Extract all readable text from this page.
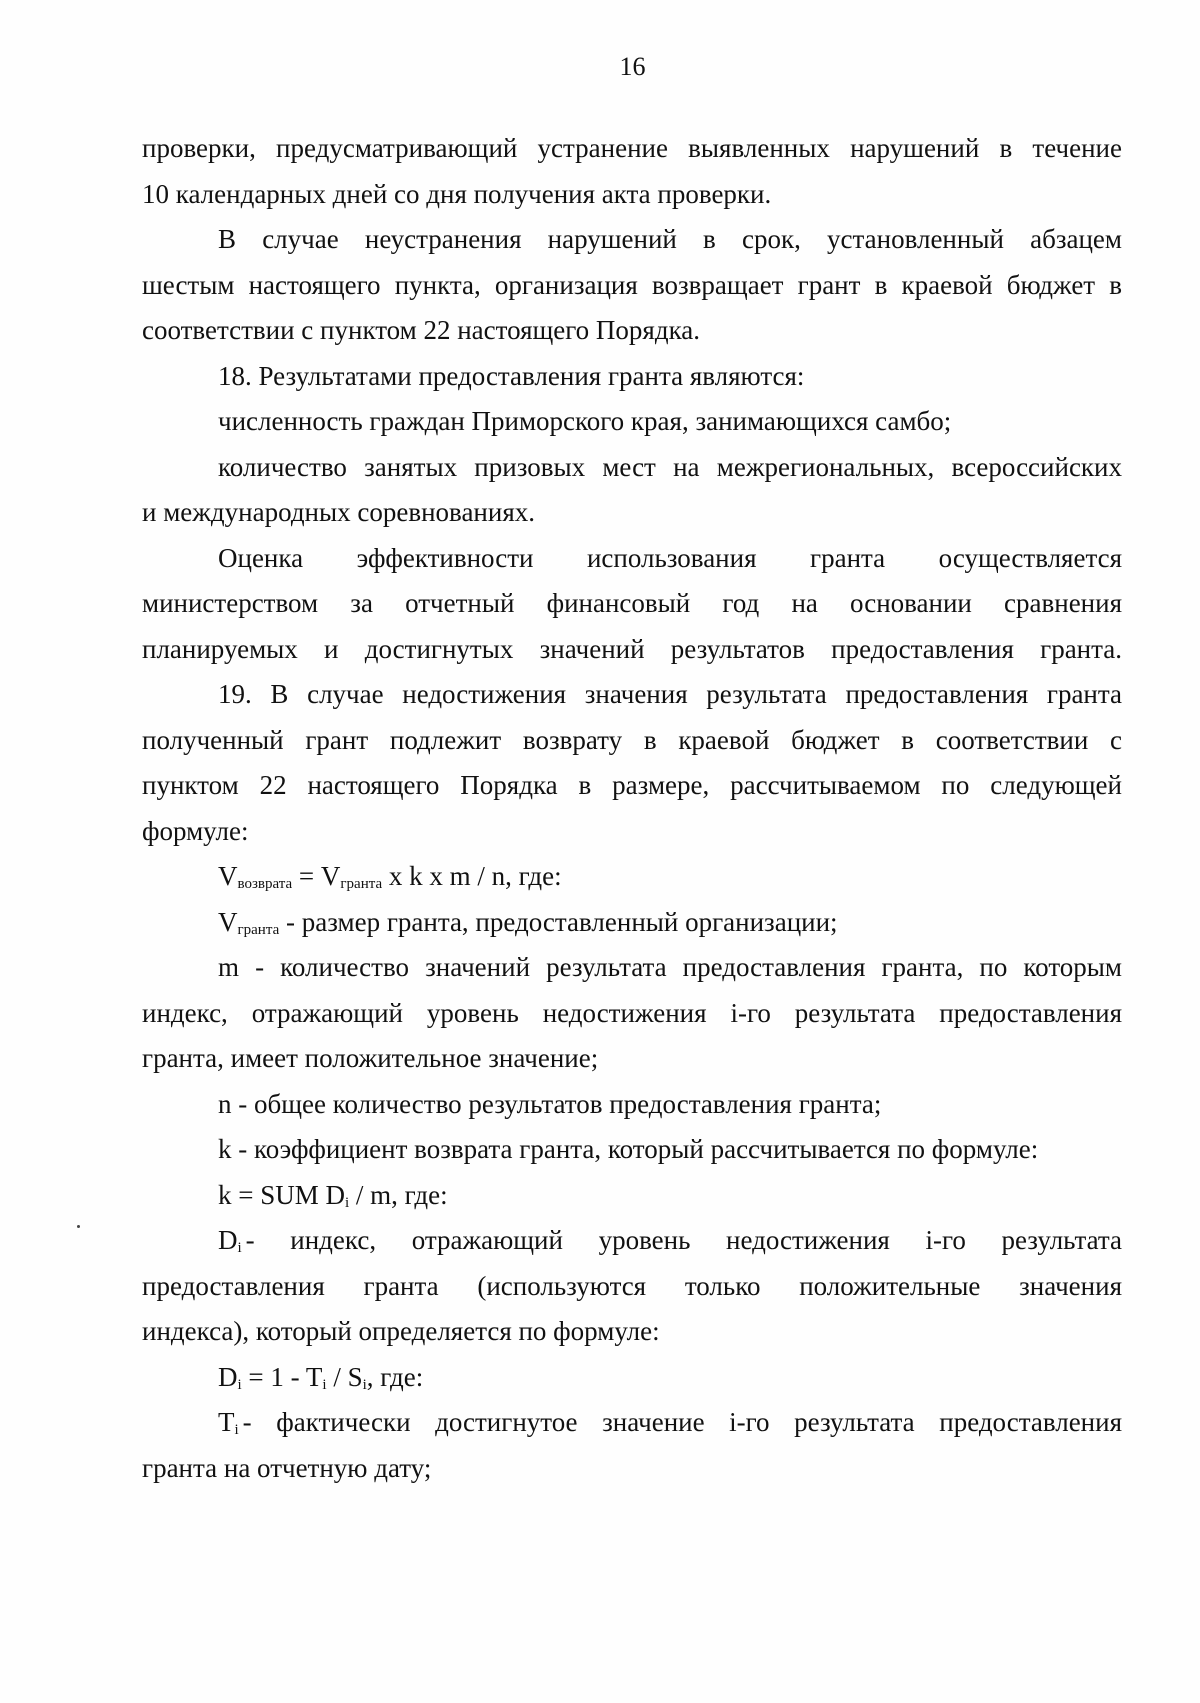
16
проверки, предусматривающий устранение выявленных нарушений в течение
10 календарных дней со дня получения акта проверки.
В случае неустранения нарушений в срок, установленный абзацем
шестым настоящего пункта, организация возвращает грант в краевой бюджет в
соответствии с пунктом 22 настоящего Порядка.
18. Результатами предоставления гранта являются:
численность граждан Приморского края, занимающихся самбо;
количество занятых призовых мест на межрегиональных, всероссийских
и международных соревнованиях.
Оценка эффективности использования гранта осуществляется
министерством за отчетный финансовый год на основании сравнения
планируемых и достигнутых значений результатов предоставления гранта.
19. В случае недостижения значения результата предоставления гранта
полученный грант подлежит возврату в краевой бюджет в соответствии с
пунктом 22 настоящего Порядка в размере, рассчитываемом по следующей
формуле:
$V_{возврата} = V_{гранта}$ x k x m / n, где:
$V_{гранта}$ - размер гранта, предоставленный организации;
m - количество значений результата предоставления гранта, по которым
индекс, отражающий уровень недостижения i-го результата предоставления
гранта, имеет положительное значение;
n - общее количество результатов предоставления гранта;
k - коэффициент возврата гранта, который рассчитывается по формуле:
k = SUM $D_i$ / m, где:
$D_i$ - индекс, отражающий уровень недостижения i-го результата
предоставления гранта (используются только положительные значения
индекса), который определяется по формуле:
$D_i = 1 - T_i / S_i$, где:
$T_i$ - фактически достигнутое значение i-го результата предоставления
гранта на отчетную дату;
